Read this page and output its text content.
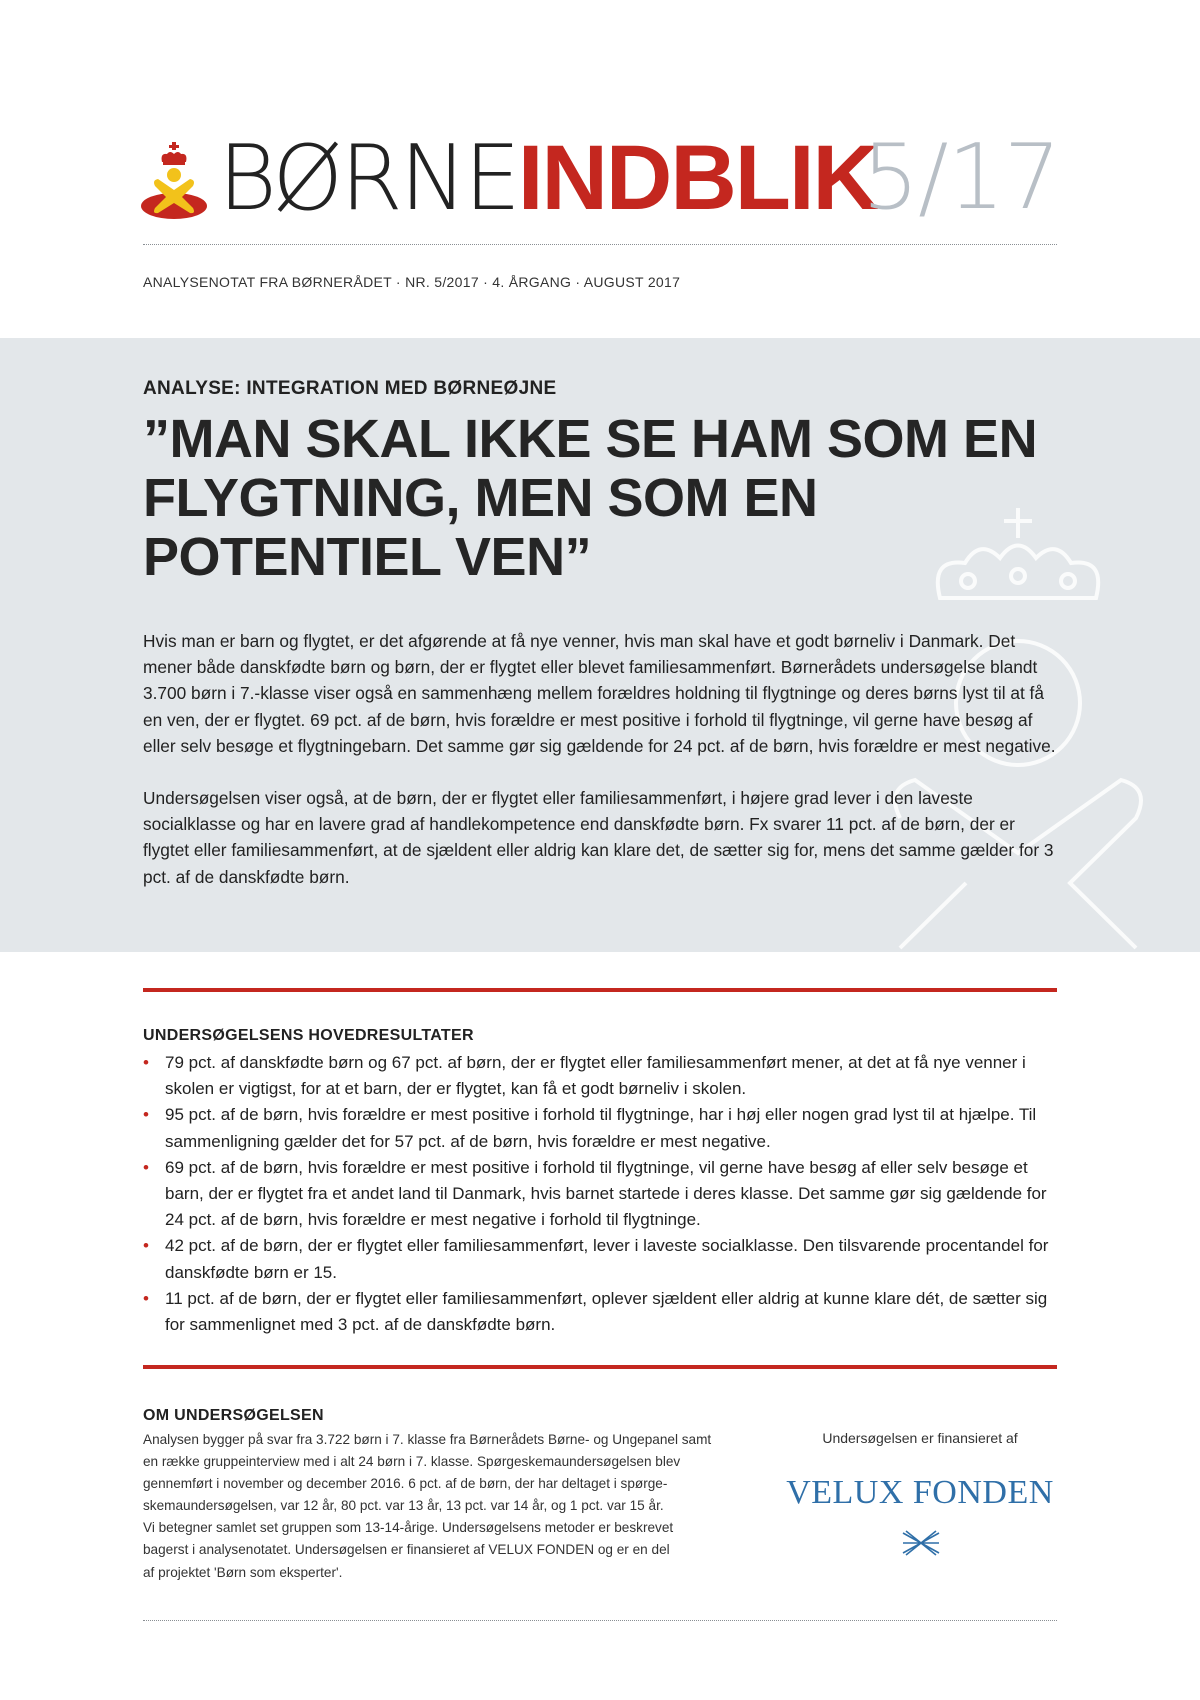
BØRNEINDBLIK
5/17
ANALYSENOTAT FRA BØRNERÅDET · NR. 5/2017 · 4. ÅRGANG · AUGUST 2017
ANALYSE: INTEGRATION MED BØRNEØJNE
”MAN SKAL IKKE SE HAM SOM EN FLYGTNING, MEN SOM EN POTENTIEL VEN”

Hvis man er barn og flygtet, er det afgørende at få nye venner, hvis man skal have et godt børneliv i Danmark. Det mener både danskfødte børn og børn, der er flygtet eller blevet familiesammenført. Børnerådets undersøgelse blandt 3.700 børn i 7.-klasse viser også en sammenhæng mellem forældres holdning til flygtninge og deres børns lyst til at få en ven, der er flygtet. 69 pct. af de børn, hvis forældre er mest positive i forhold til flygtninge, vil gerne have besøg af eller selv besøge et flygtningebarn. Det samme gør sig gældende for 24 pct. af de børn, hvis forældre er mest negative.

Undersøgelsen viser også, at de børn, der er flygtet eller familiesammenført, i højere grad lever i den laveste socialklasse og har en lavere grad af handlekompetence end danskfødte børn. Fx svarer 11 pct. af de børn, der er flygtet eller familiesammenført, at de sjældent eller aldrig kan klare det, de sætter sig for, mens det samme gælder for 3 pct. af de danskfødte børn.

UNDERSØGELSENS HOVEDRESULTATER
• 79 pct. af danskfødte børn og 67 pct. af børn, der er flygtet eller familiesammenført mener, at det at få nye venner i skolen er vigtigst, for at et barn, der er flygtet, kan få et godt børneliv i skolen.
• 95 pct. af de børn, hvis forældre er mest positive i forhold til flygtninge, har i høj eller nogen grad lyst til at hjælpe. Til sammenligning gælder det for 57 pct. af de børn, hvis forældre er mest negative.
• 69 pct. af de børn, hvis forældre er mest positive i forhold til flygtninge, vil gerne have besøg af eller selv besøge et barn, der er flygtet fra et andet land til Danmark, hvis barnet startede i deres klasse. Det samme gør sig gældende for 24 pct. af de børn, hvis forældre er mest negative i forhold til flygtninge.
• 42 pct. af de børn, der er flygtet eller familiesammenført, lever i laveste socialklasse. Den tilsvarende procentandel for danskfødte børn er 15.
• 11 pct. af de børn, der er flygtet eller familiesammenført, oplever sjældent eller aldrig at kunne klare dét, de sætter sig for sammenlignet med 3 pct. af de danskfødte børn.
OM UNDERSØGELSEN
Analysen bygger på svar fra 3.722 børn i 7. klasse fra Børnerådets Børne- og Ungepanel samt
en række gruppeinterview med i alt 24 børn i 7. klasse. Spørgeskemaundersøgelsen blev
gennemført i november og december 2016. 6 pct. af de børn, der har deltaget i spørge-
skemaundersøgelsen, var 12 år, 80 pct. var 13 år, 13 pct. var 14 år, og 1 pct. var 15 år.
Vi betegner samlet set gruppen som 13-14-årige. Undersøgelsens metoder er beskrevet
bagerst i analysenotatet. Undersøgelsen er finansieret af VELUX FONDEN og er en del
af projektet 'Børn som eksperter'.
Undersøgelsen er finansieret af
VELUX FONDEN
